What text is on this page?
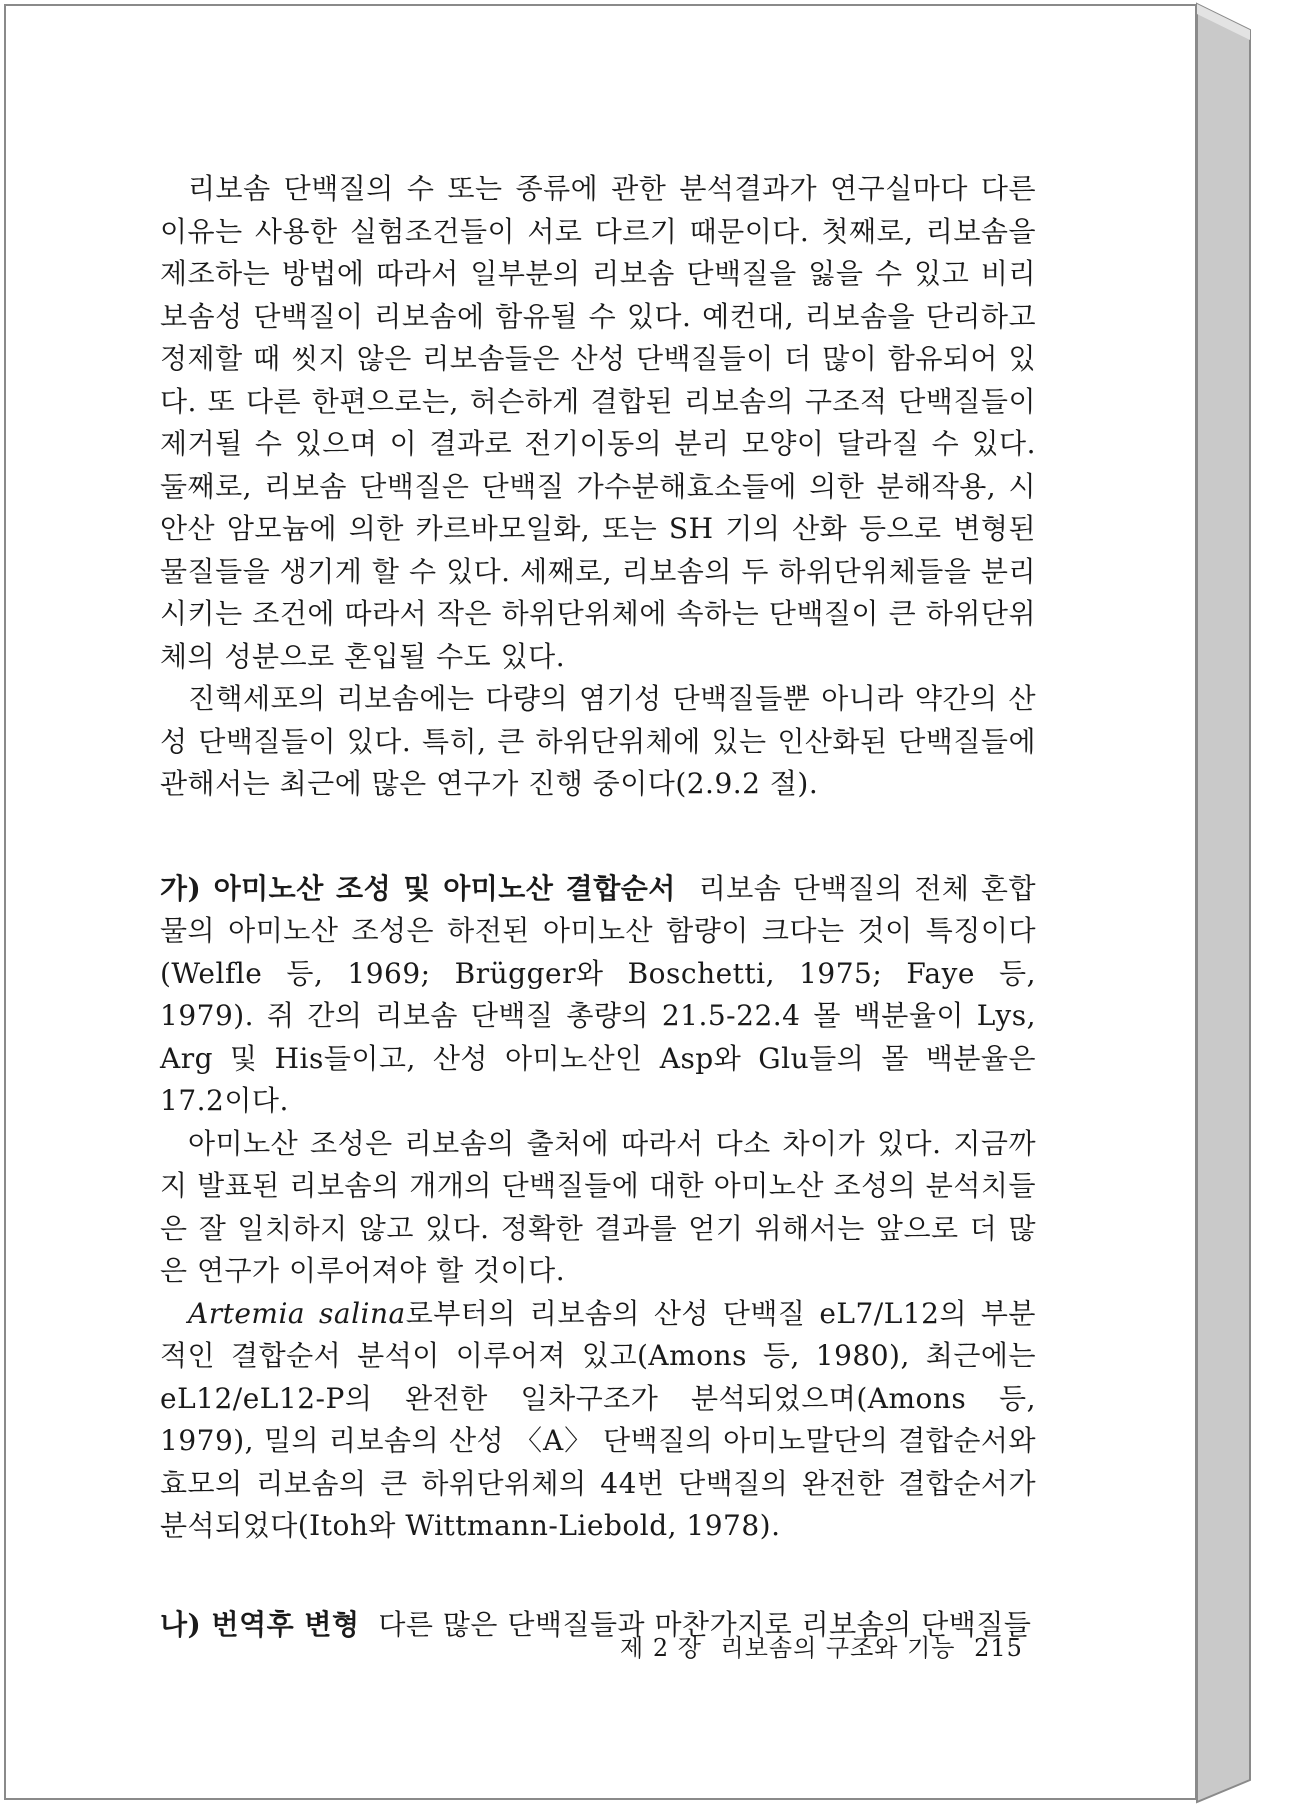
리보솜 단백질의 수 또는 종류에 관한 분석결과가 연구실마다 다른 이유는 사용한 실험조건들이 서로 다르기 때문이다. 첫째로, 리보솜을 제조하는 방법에 따라서 일부분의 리보솜 단백질을 잃을 수 있고 비리보솜성 단백질이 리보솜에 함유될 수 있다. 예컨대, 리보솜을 단리하고 정제할 때 씻지 않은 리보솜들은 산성 단백질들이 더 많이 함유되어 있다. 또 다른 한편으로는, 허슨하게 결합된 리보솜의 구조적 단백질들이 제거될 수 있으며 이 결과로 전기이동의 분리 모양이 달라질 수 있다. 둘째로, 리보솜 단백질은 단백질 가수분해효소들에 의한 분해작용, 시안산 암모늄에 의한 카르바모일화, 또는 SH 기의 산화 등으로 변형된 물질들을 생기게 할 수 있다. 세째로, 리보솜의 두 하위단위체들을 분리시키는 조건에 따라서 작은 하위단위체에 속하는 단백질이 큰 하위단위체의 성분으로 혼입될 수도 있다.

진핵세포의 리보솜에는 다량의 염기성 단백질들뿐 아니라 약간의 산성 단백질들이 있다. 특히, 큰 하위단위체에 있는 인산화된 단백질들에 관해서는 최근에 많은 연구가 진행 중이다(2.9.2 절).

가) 아미노산 조성 및 아미노산 결합순서 리보솜 단백질의 전체 혼합물의 아미노산 조성은 하전된 아미노산 함량이 크다는 것이 특징이다(Welfle 등, 1969; Brügger와 Boschetti, 1975; Faye 등, 1979). 쥐 간의 리보솜 단백질 총량의 21.5-22.4 몰 백분율이 Lys, Arg 및 His들이고, 산성 아미노산인 Asp와 Glu들의 몰 백분율은 17.2이다.

아미노산 조성은 리보솜의 출처에 따라서 다소 차이가 있다. 지금까지 발표된 리보솜의 개개의 단백질들에 대한 아미노산 조성의 분석치들은 잘 일치하지 않고 있다. 정확한 결과를 얻기 위해서는 앞으로 더 많은 연구가 이루어져야 할 것이다.

Artemia salina로부터의 리보솜의 산성 단백질 eL7/L12의 부분적인 결합순서 분석이 이루어져 있고(Amons 등, 1980), 최근에는 eL12/eL12-P의 완전한 일차구조가 분석되었으며(Amons 등, 1979), 밀의 리보솜의 산성 〈A〉 단백질의 아미노말단의 결합순서와 효모의 리보솜의 큰 하위단위체의 44번 단백질의 완전한 결합순서가 분석되었다(Itoh와 Wittmann-Liebold, 1978).

나) 번역후 변형 다른 많은 단백질들과 마찬가지로 리보솜의 단백질들

제 2 장 리보솜의 구조와 기능 215
